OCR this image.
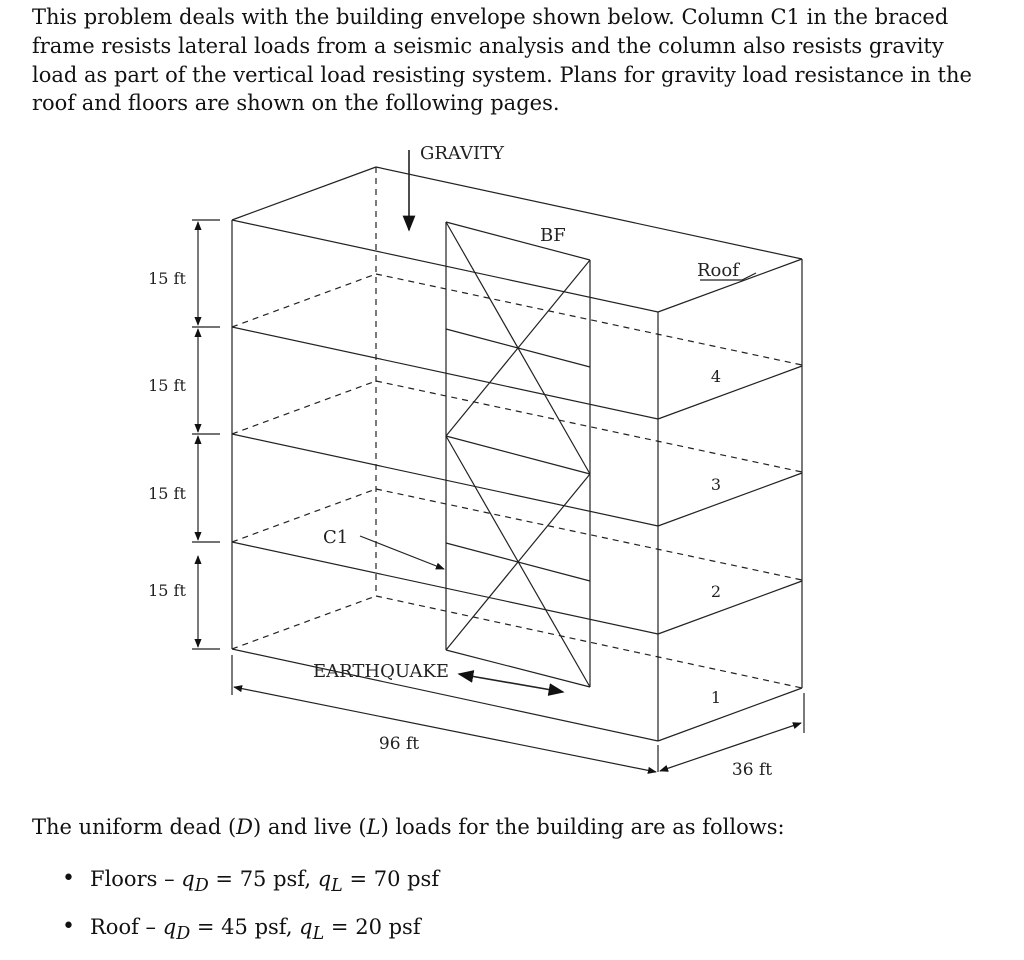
This problem deals with the building envelope shown below. Column C1 in the braced frame resists lateral loads from a seismic analysis and the column also resists gravity load as part of the vertical load resisting system. Plans for gravity load resistance in the roof and floors are shown on the following pages.

GRAVITY
BF
Roof
4
3
2
1
C1
EARTHQUAKE
15 ft
15 ft
15 ft
15 ft
96 ft
36 ft

The uniform dead (D) and live (L) loads for the building are as follows:

• Floors – $q_D = 75$ psf, $q_L = 70$ psf
• Roof – $q_D = 45$ psf, $q_L = 20$ psf
